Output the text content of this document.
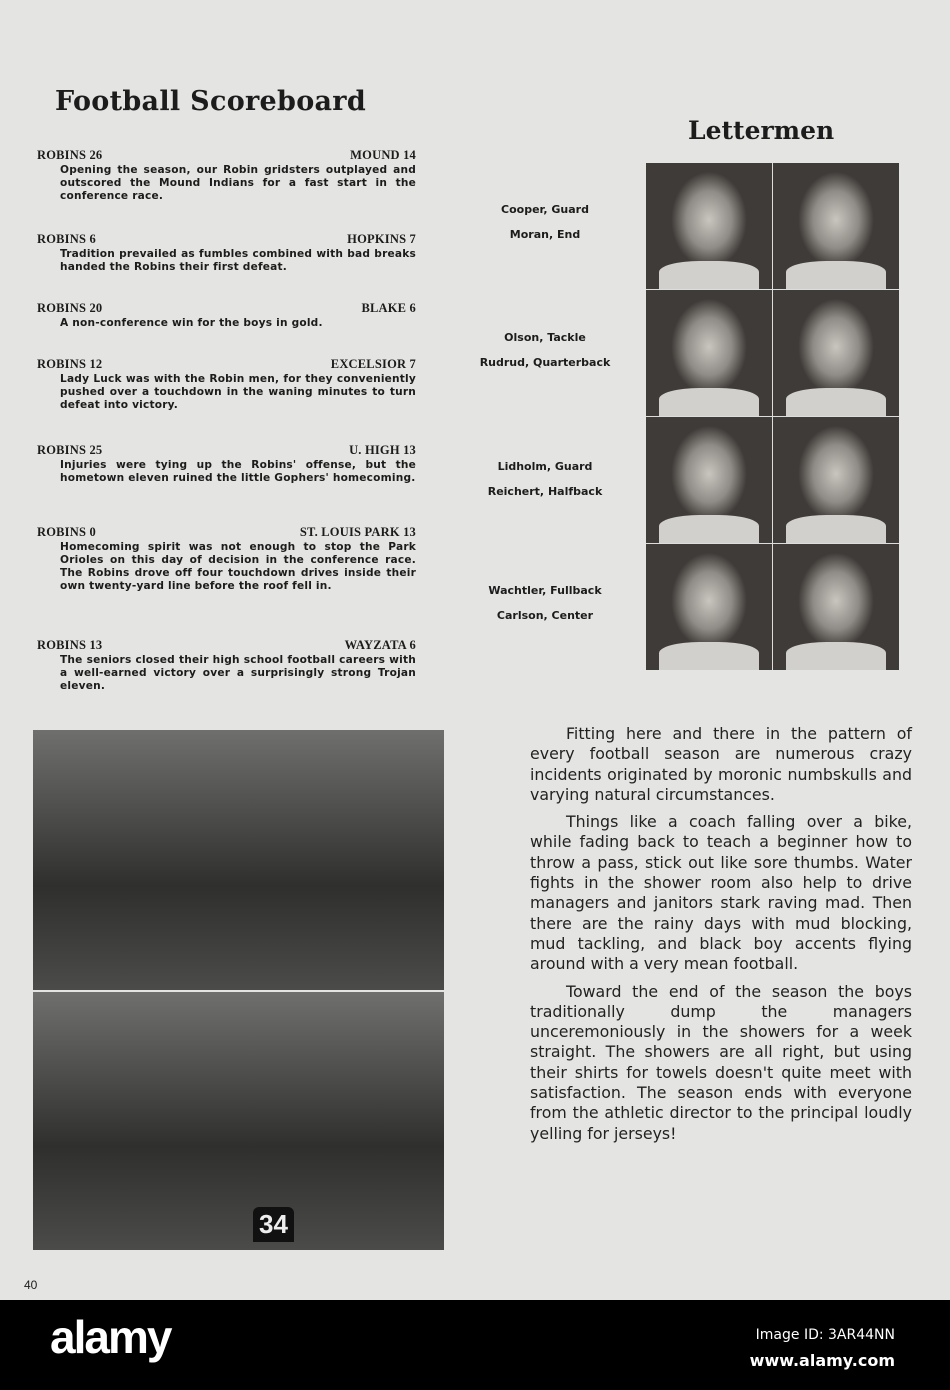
Football Scoreboard
ROBINS 26	MOUND 14
Opening the season, our Robin gridsters outplayed and outscored the Mound Indians for a fast start in the conference race.
ROBINS 6	HOPKINS 7
Tradition prevailed as fumbles combined with bad breaks handed the Robins their first defeat.
ROBINS 20	BLAKE 6
A non-conference win for the boys in gold.
ROBINS 12	EXCELSIOR 7
Lady Luck was with the Robin men, for they conveniently pushed over a touchdown in the waning minutes to turn defeat into victory.
ROBINS 25	U. HIGH 13
Injuries were tying up the Robins' offense, but the hometown eleven ruined the little Gophers' homecoming.
ROBINS 0	ST. LOUIS PARK 13
Homecoming spirit was not enough to stop the Park Orioles on this day of decision in the conference race. The Robins drove off four touchdown drives inside their own twenty-yard line before the roof fell in.
ROBINS 13	WAYZATA 6
The seniors closed their high school football careers with a well-earned victory over a surprisingly strong Trojan eleven.
Lettermen
Cooper, Guard
Moran, End
Olson, Tackle
Rudrud, Quarterback
Lidholm, Guard
Reichert, Halfback
Wachtler, Fullback
Carlson, Center
34

Fitting here and there in the pattern of every football season are numerous crazy incidents originated by moronic numbskulls and varying natural circumstances.

Things like a coach falling over a bike, while fading back to teach a beginner how to throw a pass, stick out like sore thumbs. Water fights in the shower room also help to drive managers and janitors stark raving mad. Then there are the rainy days with mud blocking, mud tackling, and black boy accents flying around with a very mean football.

Toward the end of the season the boys traditionally dump the managers unceremoniously in the showers for a week straight. The showers are all right, but using their shirts for towels doesn't quite meet with satisfaction. The season ends with everyone from the athletic director to the principal loudly yelling for jerseys!

40
alamy	Image ID: 3AR44NN
www.alamy.com
